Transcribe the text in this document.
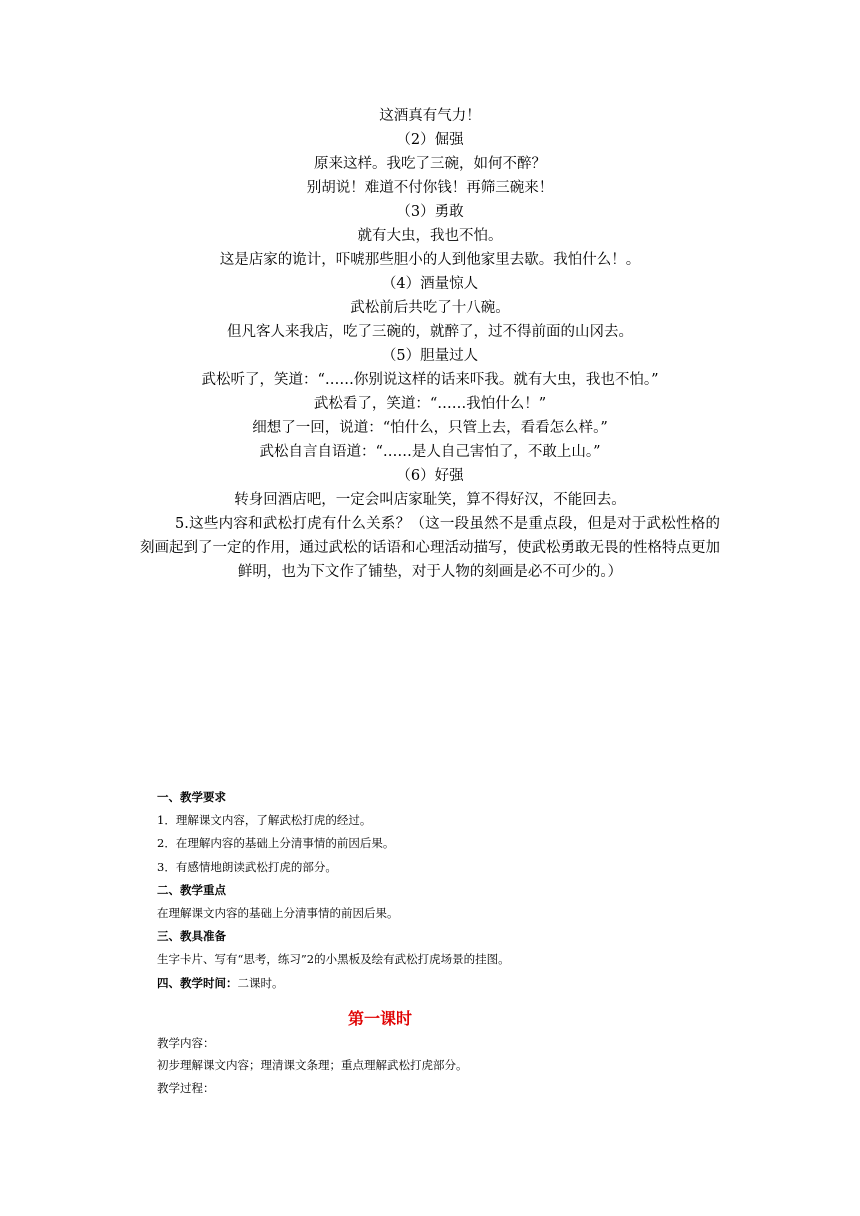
这酒真有气力！
（2）倔强
原来这样。我吃了三碗，如何不醉？
别胡说！难道不付你钱！再筛三碗来！
（3）勇敢
就有大虫，我也不怕。
这是店家的诡计，吓唬那些胆小的人到他家里去歇。我怕什么！。
（4）酒量惊人
武松前后共吃了十八碗。
但凡客人来我店，吃了三碗的，就醉了，过不得前面的山冈去。
（5）胆量过人
武松听了，笑道：“……你别说这样的话来吓我。就有大虫，我也不怕。”
武松看了，笑道：“……我怕什么！”
细想了一回，说道：“怕什么，只管上去，看看怎么样。”
武松自言自语道：“……是人自己害怕了，不敢上山。”
（6）好强
转身回酒店吧，一定会叫店家耻笑，算不得好汉，不能回去。
5.这些内容和武松打虎有什么关系？（这一段虽然不是重点段，但是对于武松性格的刻画起到了一定的作用，通过武松的话语和心理活动描写，使武松勇敢无畏的性格特点更加鲜明，也为下文作了铺垫，对于人物的刻画是必不可少的。）
一、教学要求
1．理解课文内容，了解武松打虎的经过。
2．在理解内容的基础上分清事情的前因后果。
3．有感情地朗读武松打虎的部分。
二、教学重点
在理解课文内容的基础上分清事情的前因后果。
三、教具准备
生字卡片、写有“思考，练习”2的小黑板及绘有武松打虎场景的挂图。
四、教学时间：二课时。
第一课时
教学内容：
初步理解课文内容；理清课文条理；重点理解武松打虎部分。
教学过程：
